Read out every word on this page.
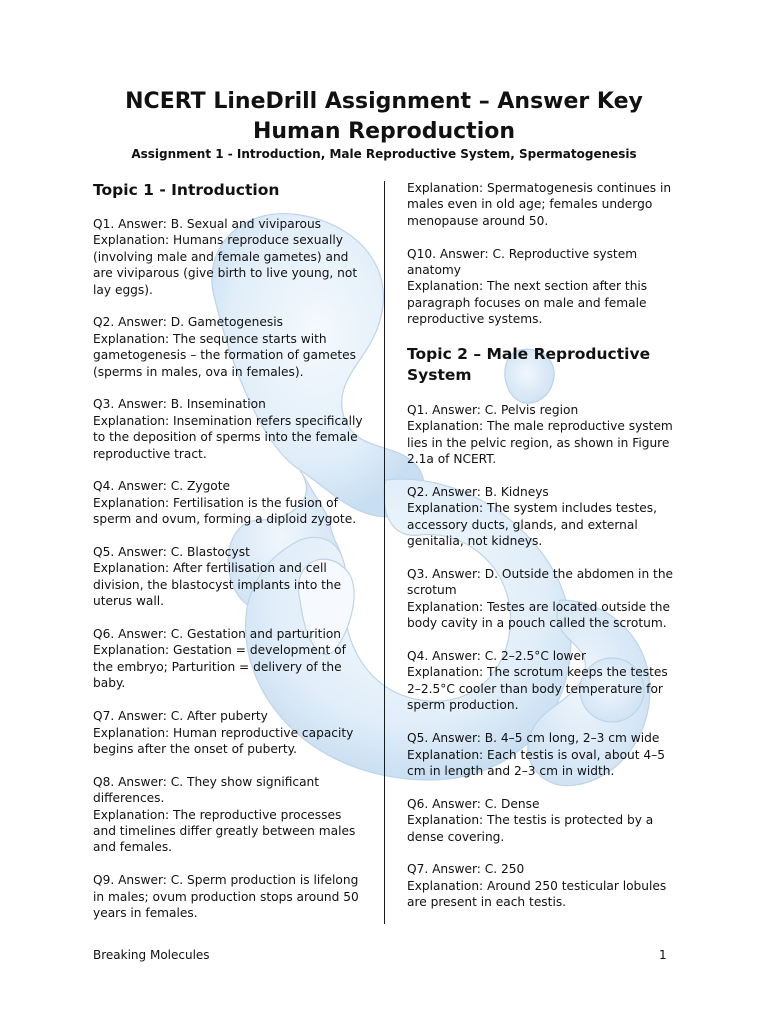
NCERT LineDrill Assignment – Answer Key
Human Reproduction
Assignment 1 - Introduction, Male Reproductive System, Spermatogenesis
Topic 1 - Introduction
Q1. Answer: B. Sexual and viviparous
Explanation: Humans reproduce sexually (involving male and female gametes) and are viviparous (give birth to live young, not lay eggs).
Q2. Answer: D. Gametogenesis
Explanation: The sequence starts with gametogenesis – the formation of gametes (sperms in males, ova in females).
Q3. Answer: B. Insemination
Explanation: Insemination refers specifically to the deposition of sperms into the female reproductive tract.
Q4. Answer: C. Zygote
Explanation: Fertilisation is the fusion of sperm and ovum, forming a diploid zygote.
Q5. Answer: C. Blastocyst
Explanation: After fertilisation and cell division, the blastocyst implants into the uterus wall.
Q6. Answer: C. Gestation and parturition
Explanation: Gestation = development of the embryo; Parturition = delivery of the baby.
Q7. Answer: C. After puberty
Explanation: Human reproductive capacity begins after the onset of puberty.
Q8. Answer: C. They show significant differences.
Explanation: The reproductive processes and timelines differ greatly between males and females.
Q9. Answer: C. Sperm production is lifelong in males; ovum production stops around 50 years in females.
Explanation: Spermatogenesis continues in males even in old age; females undergo menopause around 50.
Q10. Answer: C. Reproductive system anatomy
Explanation: The next section after this paragraph focuses on male and female reproductive systems.
Topic 2 – Male Reproductive System
Q1. Answer: C. Pelvis region
Explanation: The male reproductive system lies in the pelvic region, as shown in Figure 2.1a of NCERT.
Q2. Answer: B. Kidneys
Explanation: The system includes testes, accessory ducts, glands, and external genitalia, not kidneys.
Q3. Answer: D. Outside the abdomen in the scrotum
Explanation: Testes are located outside the body cavity in a pouch called the scrotum.
Q4. Answer: C. 2–2.5°C lower
Explanation: The scrotum keeps the testes 2–2.5°C cooler than body temperature for sperm production.
Q5. Answer: B. 4–5 cm long, 2–3 cm wide
Explanation: Each testis is oval, about 4–5 cm in length and 2–3 cm in width.
Q6. Answer: C. Dense
Explanation: The testis is protected by a dense covering.
Q7. Answer: C. 250
Explanation: Around 250 testicular lobules are present in each testis.
Breaking Molecules	1
